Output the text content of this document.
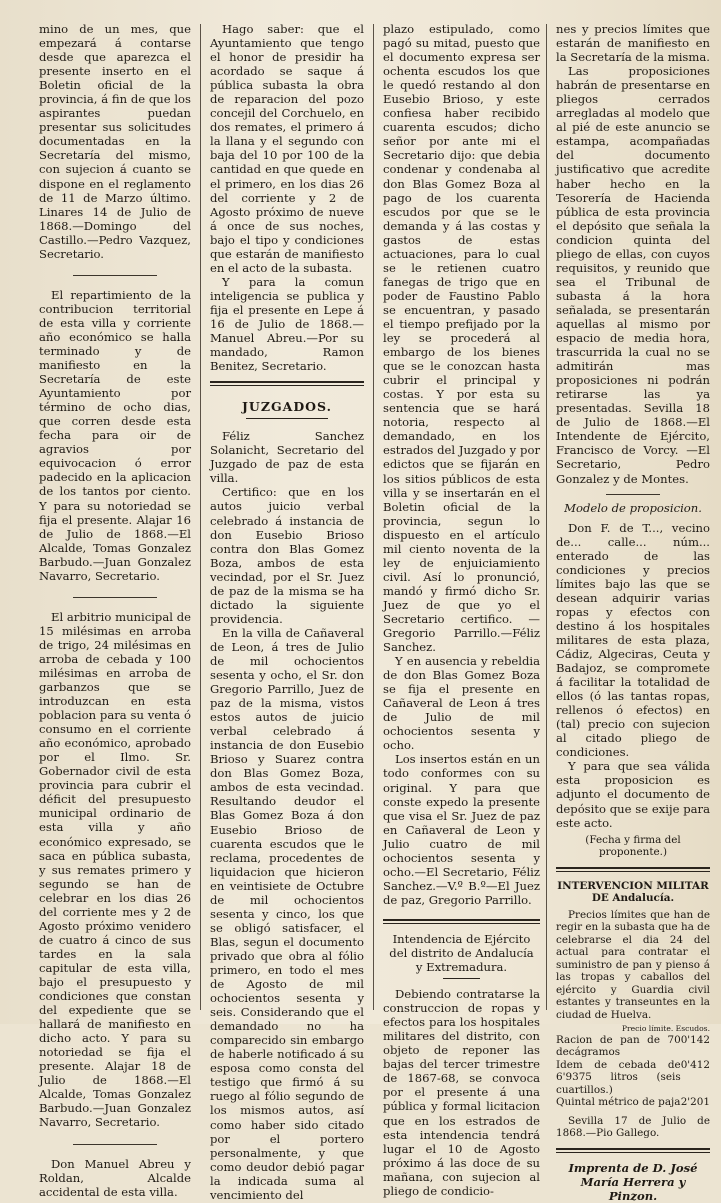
mino de un mes, que empezará á contarse desde que aparezca el presente inserto en el Boletin oficial de la provincia, á fin de que los aspirantes puedan presentar sus solicitudes documentadas en la Secretaría del mismo, con sujecion á cuanto se dispone en el reglamento de 11 de Marzo último. Linares 14 de Julio de 1868.—Domingo del Castillo.—Pedro Vazquez, Secretario.

El repartimiento de la contribucion territorial de esta villa y corriente año económico se halla terminado y de manifiesto en la Secretaría de este Ayuntamiento por término de ocho dias, que corren desde esta fecha para oir de agravios por equivocacion ó error padecido en la aplicacion de los tantos por ciento. Y para su notoriedad se fija el presente. Alajar 16 de Julio de 1868.—El Alcalde, Tomas Gonzalez Barbudo.—Juan Gonzalez Navarro, Secretario.

El arbitrio municipal de 15 milésimas en arroba de trigo, 24 milésimas en arroba de cebada y 100 milésimas en arroba de garbanzos que se introduzcan en esta poblacion para su venta ó consumo en el corriente año económico, aprobado por el Ilmo. Sr. Gobernador civil de esta provincia para cubrir el déficit del presupuesto municipal ordinario de esta villa y año económico expresado, se saca en pública subasta, y sus remates primero y segundo se han de celebrar en los dias 26 del corriente mes y 2 de Agosto próximo venidero de cuatro á cinco de sus tardes en la sala capitular de esta villa, bajo el presupuesto y condiciones que constan del expediente que se hallará de manifiesto en dicho acto. Y para su notoriedad se fija el presente. Alajar 18 de Julio de 1868.—El Alcalde, Tomas Gonzalez Barbudo.—Juan Gonzalez Navarro, Secretario.

Don Manuel Abreu y Roldan, Alcalde accidental de esta villa.

Hago saber: que el Ayuntamiento que tengo el honor de presidir ha acordado se saque á pública subasta la obra de reparacion del pozo concejil del Corchuelo, en dos remates, el primero á la llana y el segundo con baja del 10 por 100 de la cantidad en que quede en el primero, en los dias 26 del corriente y 2 de Agosto próximo de nueve á once de sus noches, bajo el tipo y condiciones que estarán de manifiesto en el acto de la subasta.

Y para la comun inteligencia se publica y fija el presente en Lepe á 16 de Julio de 1868.—Manuel Abreu.—Por su mandado, Ramon Benitez, Secretario.

JUZGADOS.

Féliz Sanchez Solanicht, Secretario del Juzgado de paz de esta villa.

Certifico: que en los autos juicio verbal celebrado á instancia de don Eusebio Brioso contra don Blas Gomez Boza, ambos de esta vecindad, por el Sr. Juez de paz de la misma se ha dictado la siguiente providencia.

En la villa de Cañaveral de Leon, á tres de Julio de mil ochocientos sesenta y ocho, el Sr. don Gregorio Parrillo, Juez de paz de la misma, vistos estos autos de juicio verbal celebrado á instancia de don Eusebio Brioso y Suarez contra don Blas Gomez Boza, ambos de esta vecindad. Resultando deudor el Blas Gomez Boza á don Eusebio Brioso de cuarenta escudos que le reclama, procedentes de liquidacion que hicieron en veintisiete de Octubre de mil ochocientos sesenta y cinco, los que se obligó satisfacer, el Blas, segun el documento privado que obra al fólio primero, en todo el mes de Agosto de mil ochocientos sesenta y seis. Considerando que el demandado no ha comparecido sin embargo de haberle notificado á su esposa como consta del testigo que firmó á su ruego al fólio segundo de los mismos autos, así como haber sido citado por el portero personalmente, y que como deudor debió pagar la indicada suma al vencimiento del

plazo estipulado, como pagó su mitad, puesto que el documento expresa ser ochenta escudos los que le quedó restando al don Eusebio Brioso, y este confiesa haber recibido cuarenta escudos; dicho señor por ante mi el Secretario dijo: que debia condenar y condenaba al don Blas Gomez Boza al pago de los cuarenta escudos por que se le demanda y á las costas y gastos de estas actuaciones, para lo cual se le retienen cuatro fanegas de trigo que en poder de Faustino Pablo se encuentran, y pasado el tiempo prefijado por la ley se procederá al embargo de los bienes que se le conozcan hasta cubrir el principal y costas. Y por esta su sentencia que se hará notoria, respecto al demandado, en los estrados del Juzgado y por edictos que se fijarán en los sitios públicos de esta villa y se insertarán en el Boletin oficial de la provincia, segun lo dispuesto en el artículo mil ciento noventa de la ley de enjuiciamiento civil. Así lo pronunció, mandó y firmó dicho Sr. Juez de que yo el Secretario certifico. —Gregorio Parrillo.—Féliz Sanchez.

Y en ausencia y rebeldia de don Blas Gomez Boza se fija el presente en Cañaveral de Leon á tres de Julio de mil ochocientos sesenta y ocho.

Los insertos están en un todo conformes con su original. Y para que conste expedo la presente que visa el Sr. Juez de paz en Cañaveral de Leon y Julio cuatro de mil ochocientos sesenta y ocho.—El Secretario, Féliz Sanchez.—V.º B.º—El Juez de paz, Gregorio Parrillo.

Intendencia de Ejército del distrito de Andalucía y Extremadura.

Debiendo contratarse la construccion de ropas y efectos para los hospitales militares del distrito, con objeto de reponer las bajas del tercer trimestre de 1867-68, se convoca por el presente á una pública y formal licitacion que en los estrados de esta intendencia tendrá lugar el 10 de Agosto próximo á las doce de su mañana, con sujecion al pliego de condicio-

nes y precios límites que estarán de manifiesto en la Secretaría de la misma.

Las proposiciones habrán de presentarse en pliegos cerrados arregladas al modelo que al pié de este anuncio se estampa, acompañadas del documento justificativo que acredite haber hecho en la Tesorería de Hacienda pública de esta provincia el depósito que señala la condicion quinta del pliego de ellas, con cuyos requisitos, y reunido que sea el Tribunal de subasta á la hora señalada, se presentarán aquellas al mismo por espacio de media hora, trascurrida la cual no se admitirán mas proposiciones ni podrán retirarse las ya presentadas. Sevilla 18 de Julio de 1868.—El Intendente de Ejército, Francisco de Vorcy. —El Secretario, Pedro Gonzalez y de Montes.

Modelo de proposicion.

Don F. de T..., vecino de... calle... núm... enterado de las condiciones y precios límites bajo las que se desean adquirir varias ropas y efectos con destino á los hospitales militares de esta plaza, Cádiz, Algeciras, Ceuta y Badajoz, se compromete á facilitar la totalidad de ellos (ó las tantas ropas, rellenos ó efectos) en (tal) precio con sujecion al citado pliego de condiciones.

Y para que sea válida esta proposicion es adjunto el documento de depósito que se exije para este acto.

(Fecha y firma del proponente.)

INTERVENCION MILITAR DE Andalucía.

Precios límites que han de regir en la subasta que ha de celebrarse el dia 24 del actual para contratar el suministro de pan y pienso á las tropas y caballos del ejército y Guardia civil estantes y transeuntes en la ciudad de Huelva.

Precio límite. Escudos.
Racion de pan de 70 decágramos
0'142
Idem de cebada de 6'9375 litros (seis cuartillos.)
0'412
Quintal métrico de paja 2'201

Sevilla 17 de Julio de 1868.—Pio Gallego.

Imprenta de D. José María Herrera y Pinzon.
